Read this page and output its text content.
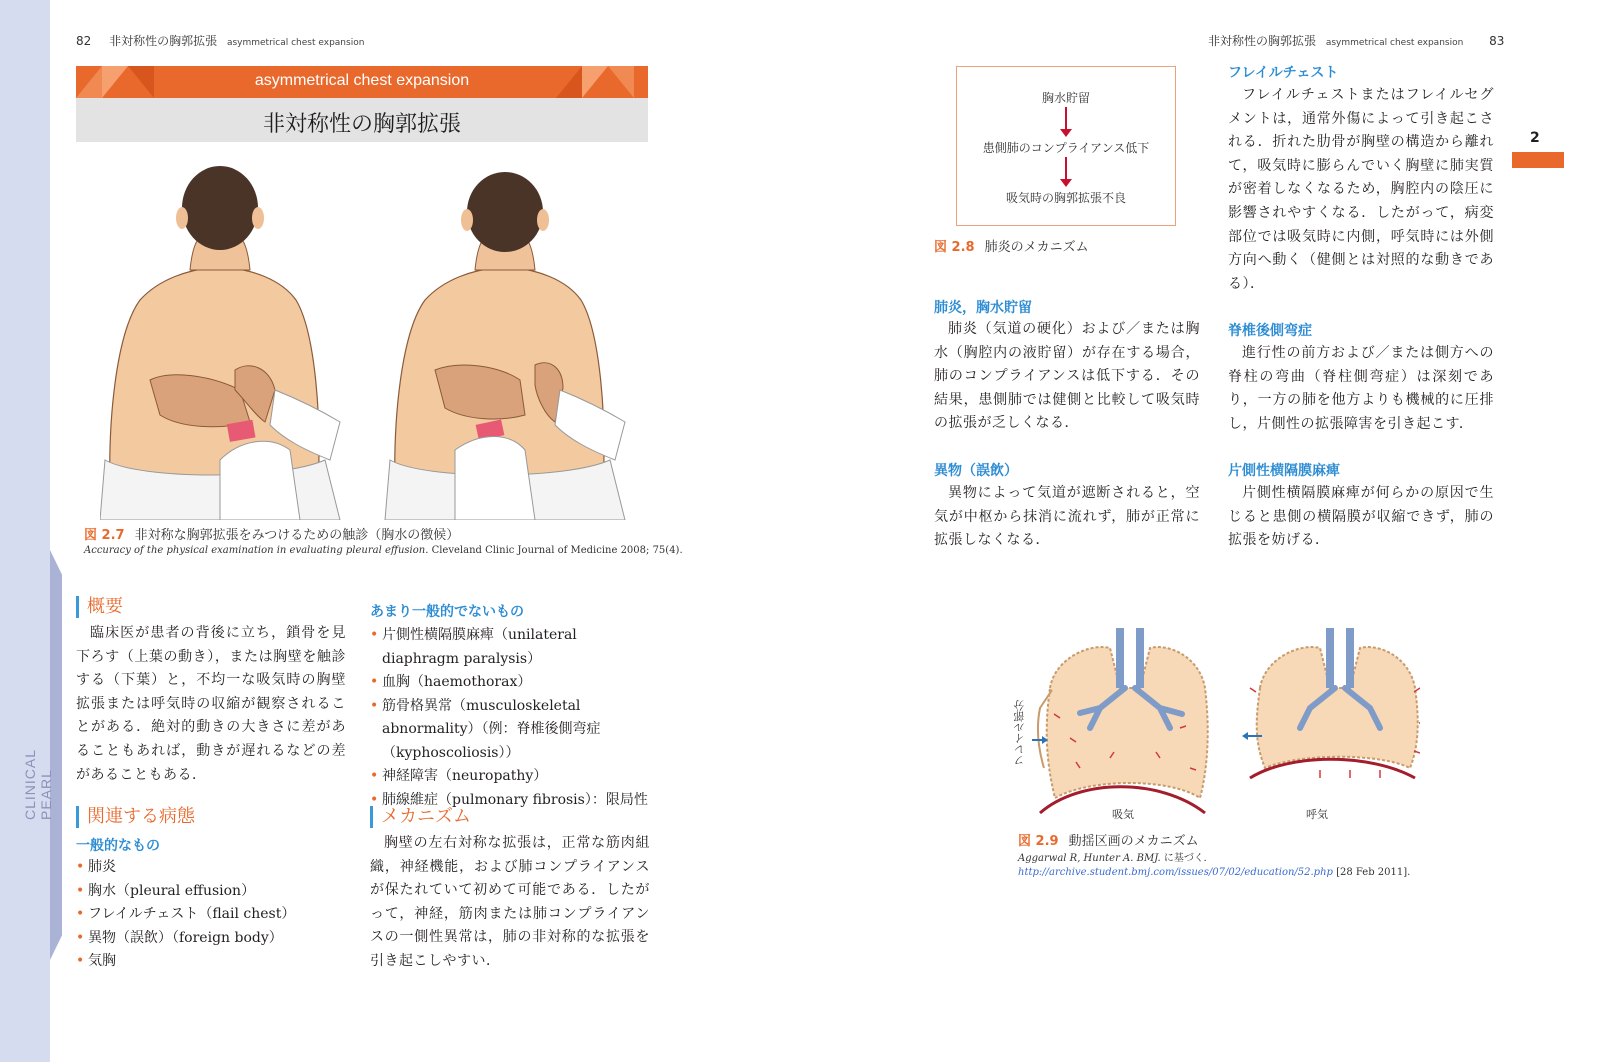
CLINICAL PEARL
82 非対称性の胸郭拡張 asymmetrical chest expansion
asymmetrical chest expansion
非対称性の胸郭拡張
図 2.7 非対称な胸郭拡張をみつけるための触診（胸水の徴候）
Accuracy of the physical examination in evaluating pleural effusion. Cleveland Clinic Journal of Medicine 2008; 75(4).
概要
臨床医が患者の背後に立ち，鎖骨を見下ろす（上葉の動き），または胸壁を触診する（下葉）と，不均一な吸気時の胸壁拡張または呼気時の収縮が観察されることがある．絶対的動きの大きさに差があることもあれば，動きが遅れるなどの差があることもある．
関連する病態
一般的なもの
• 肺炎
• 胸水（pleural effusion）
• フレイルチェスト（flail chest）
• 異物（誤飲）（foreign body）
• 気胸
あまり一般的でないもの
• 片側性横隔膜麻痺（unilateral diaphragm paralysis）
• 血胸（haemothorax）
• 筋骨格異常（musculoskeletal abnormality）（例：脊椎後側弯症（kyphoscoliosis））
• 神経障害（neuropathy）
• 肺線維症（pulmonary fibrosis）：限局性
メカニズム
胸壁の左右対称な拡張は，正常な筋肉組織，神経機能，および肺コンプライアンスが保たれていて初めて可能である．したがって，神経，筋肉または肺コンプライアンスの一側性異常は，肺の非対称的な拡張を引き起こしやすい．
非対称性の胸郭拡張 asymmetrical chest expansion 83
2
胸水貯留
患側肺のコンプライアンス低下
吸気時の胸郭拡張不良
図 2.8 肺炎のメカニズム
肺炎，胸水貯留
肺炎（気道の硬化）および／または胸水（胸腔内の液貯留）が存在する場合，肺のコンプライアンスは低下する．その結果，患側肺では健側と比較して吸気時の拡張が乏しくなる．
異物（誤飲）
異物によって気道が遮断されると，空気が中枢から抹消に流れず，肺が正常に拡張しなくなる．
フレイルチェスト
フレイルチェストまたはフレイルセグメントは，通常外傷によって引き起こされる．折れた肋骨が胸壁の構造から離れて，吸気時に膨らんでいく胸壁に肺実質が密着しなくなるため，胸腔内の陰圧に影響されやすくなる．したがって，病変部位では吸気時に内側，呼気時には外側方向へ動く（健側とは対照的な動きである）．
脊椎後側弯症
進行性の前方および／または側方への脊柱の弯曲（脊柱側弯症）は深刻であり，一方の肺を他方よりも機械的に圧排し，片側性の拡張障害を引き起こす．
片側性横隔膜麻痺
片側性横隔膜麻痺が何らかの原因で生じると患側の横隔膜が収縮できず，肺の拡張を妨げる．
フレイル部分
吸気	呼気
図 2.9 動揺区画のメカニズム
Aggarwal R, Hunter A. BMJ. に基づく．http://archive.student.bmj.com/issues/07/02/education/52.php [28 Feb 2011].
